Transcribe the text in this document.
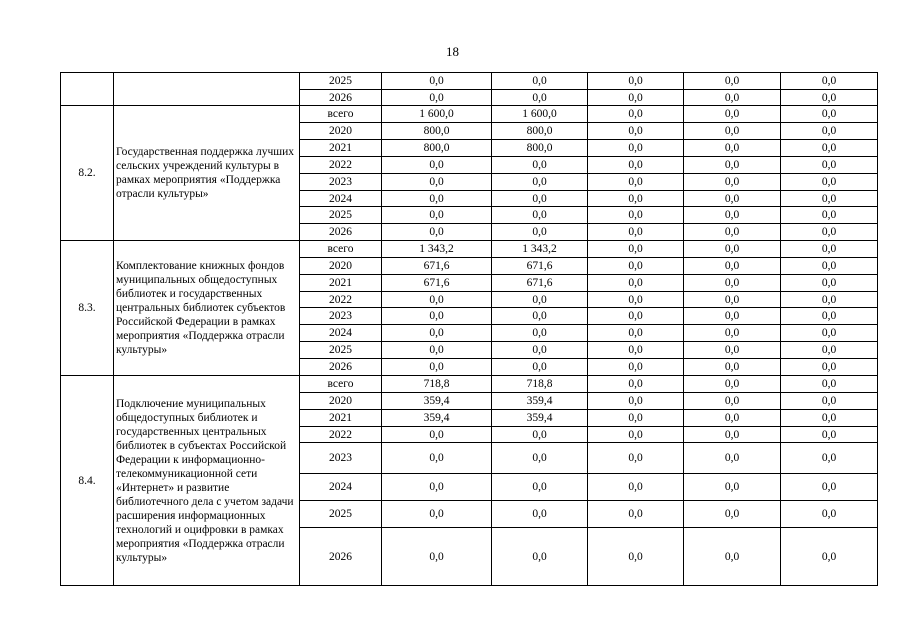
18
		2025	0,0	0,0	0,0	0,0	0,0
		2026	0,0	0,0	0,0	0,0	0,0
8.2.	Государственная поддержка лучших сельских учреждений культуры в рамках мероприятия «Поддержка отрасли культуры»	всего	1 600,0	1 600,0	0,0	0,0	0,0
		2020	800,0	800,0	0,0	0,0	0,0
		2021	800,0	800,0	0,0	0,0	0,0
		2022	0,0	0,0	0,0	0,0	0,0
		2023	0,0	0,0	0,0	0,0	0,0
		2024	0,0	0,0	0,0	0,0	0,0
		2025	0,0	0,0	0,0	0,0	0,0
		2026	0,0	0,0	0,0	0,0	0,0
8.3.	Комплектование книжных фондов муниципальных общедоступных библиотек и государственных центральных библиотек субъектов Российской Федерации в рамках мероприятия «Поддержка отрасли культуры»	всего	1 343,2	1 343,2	0,0	0,0	0,0
		2020	671,6	671,6	0,0	0,0	0,0
		2021	671,6	671,6	0,0	0,0	0,0
		2022	0,0	0,0	0,0	0,0	0,0
		2023	0,0	0,0	0,0	0,0	0,0
		2024	0,0	0,0	0,0	0,0	0,0
		2025	0,0	0,0	0,0	0,0	0,0
		2026	0,0	0,0	0,0	0,0	0,0
8.4.	Подключение муниципальных общедоступных библиотек и государственных центральных библиотек в субъектах Российской Федерации к информационно-телекоммуникационной сети «Интернет» и развитие библиотечного дела с учетом задачи расширения информационных технологий и оцифровки в рамках мероприятия «Поддержка отрасли культуры»	всего	718,8	718,8	0,0	0,0	0,0
		2020	359,4	359,4	0,0	0,0	0,0
		2021	359,4	359,4	0,0	0,0	0,0
		2022	0,0	0,0	0,0	0,0	0,0
		2023	0,0	0,0	0,0	0,0	0,0
		2024	0,0	0,0	0,0	0,0	0,0
		2025	0,0	0,0	0,0	0,0	0,0
		2026	0,0	0,0	0,0	0,0	0,0
